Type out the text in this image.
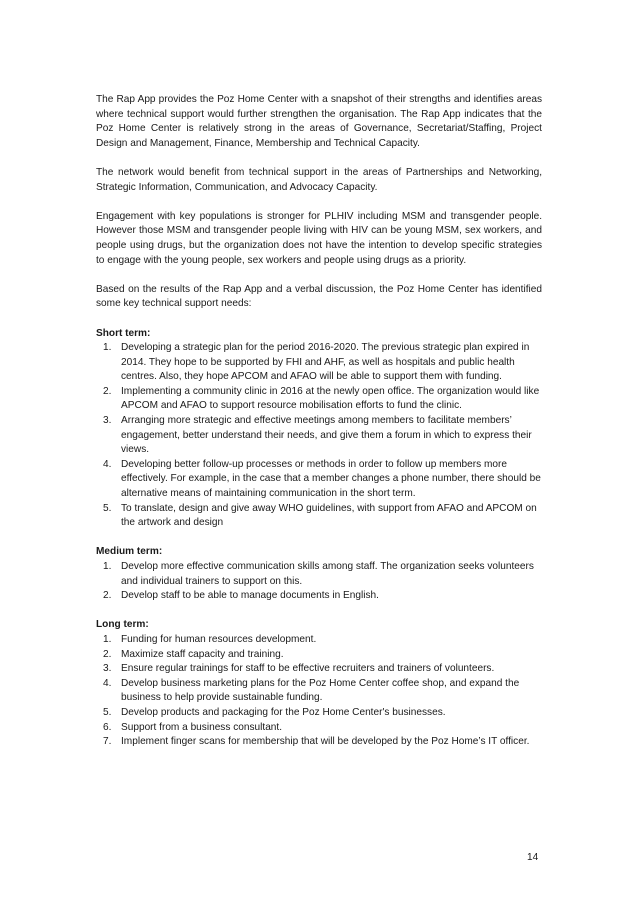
The Rap App provides the Poz Home Center with a snapshot of their strengths and identifies areas where technical support would further strengthen the organisation. The Rap App indicates that the Poz Home Center is relatively strong in the areas of Governance, Secretariat/Staffing, Project Design and Management, Finance, Membership and Technical Capacity.

The network would benefit from technical support in the areas of Partnerships and Networking, Strategic Information, Communication, and Advocacy Capacity.

Engagement with key populations is stronger for PLHIV including MSM and transgender people. However those MSM and transgender people living with HIV can be young MSM, sex workers, and people using drugs, but the organization does not have the intention to develop specific strategies to engage with the young people, sex workers and people using drugs as a priority.

Based on the results of the Rap App and a verbal discussion, the Poz Home Center has identified some key technical support needs:

Short term:

1. Developing a strategic plan for the period 2016-2020. The previous strategic plan expired in 2014. They hope to be supported by FHI and AHF, as well as hospitals and public health centres. Also, they hope APCOM and AFAO will be able to support them with funding.
2. Implementing a community clinic in 2016 at the newly open office. The organization would like APCOM and AFAO to support resource mobilisation efforts to fund the clinic.
3. Arranging more strategic and effective meetings among members to facilitate members’ engagement, better understand their needs, and give them a forum in which to express their views.
4. Developing better follow-up processes or methods in order to follow up members more effectively. For example, in the case that a member changes a phone number, there should be alternative means of maintaining communication in the short term.
5. To translate, design and give away WHO guidelines, with support from AFAO and APCOM on the artwork and design

Medium term:

1. Develop more effective communication skills among staff. The organization seeks volunteers and individual trainers to support on this.
2. Develop staff to be able to manage documents in English.

Long term:

1. Funding for human resources development.
2. Maximize staff capacity and training.
3. Ensure regular trainings for staff to be effective recruiters and trainers of volunteers.
4. Develop business marketing plans for the Poz Home Center coffee shop, and expand the business to help provide sustainable funding.
5. Develop products and packaging for the Poz Home Center's businesses.
6. Support from a business consultant.
7. Implement finger scans for membership that will be developed by the Poz Home’s IT officer.
14
